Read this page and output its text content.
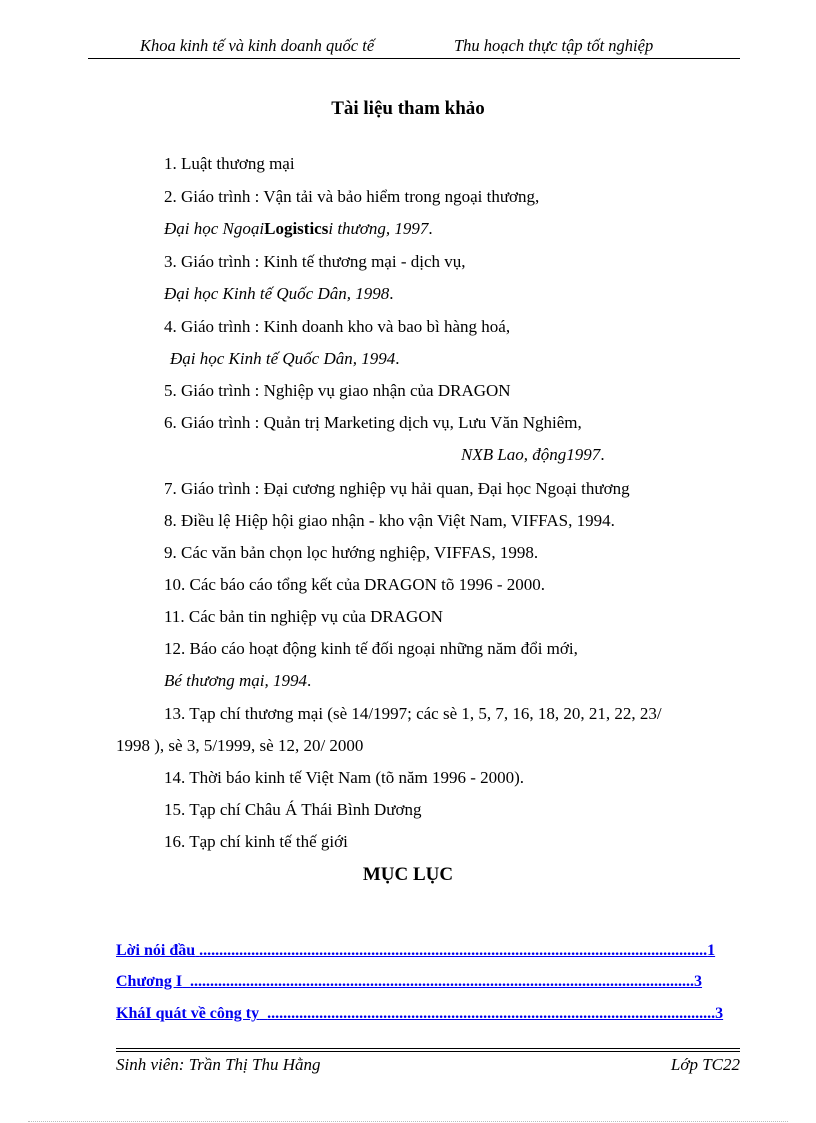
Khoa kinh tế và kinh doanh quốc tế	Thu hoạch thực tập tốt nghiệp
Tài liệu tham khảo
1. Luật thương mại
2. Giáo trình : Vận tải và bảo hiểm trong ngoại thương,
Đại học NgoạiLogisticsi thương, 1997.
3. Giáo trình : Kinh tế thương mại - dịch vụ,
Đại học Kinh tế Quốc Dân, 1998.
4. Giáo trình : Kinh doanh kho và bao bì hàng hoá,
Đại học Kinh tế Quốc Dân, 1994.
5. Giáo trình : Nghiệp vụ giao nhận của DRAGON
6. Giáo trình : Quản trị Marketing dịch vụ, Lưu Văn Nghiêm,
NXB Lao, động1997.
7. Giáo trình : Đại cương nghiệp vụ hải quan, Đại học Ngoại thương
8. Điều lệ Hiệp hội giao nhận - kho vận Việt Nam, VIFFAS, 1994.
9. Các văn bản chọn lọc hướng nghiệp, VIFFAS, 1998.
10. Các báo cáo tổng kết của DRAGON tõ 1996 - 2000.
11. Các bản tin nghiệp vụ của DRAGON
12. Báo cáo hoạt động kinh tế đối ngoại những năm đổi mới,
Bé thương mại, 1994.
13. Tạp chí thương mại (sè 14/1997; các sè 1, 5, 7, 16, 18, 20, 21, 22, 23/
1998 ), sè 3, 5/1999, sè 12, 20/ 2000
14. Thời báo kinh tế Việt Nam (tõ năm 1996 - 2000).
15. Tạp chí Châu Á Thái Bình Dương
16. Tạp chí kinh tế thế giới
MỤC LỤC
Lời nói đầu ...............................................................................................................................1
Chương I ..............................................................................................................................3
KháI quát về công ty ................................................................................................................3
Sinh viên: Trần Thị Thu Hằng	Lớp TC22
